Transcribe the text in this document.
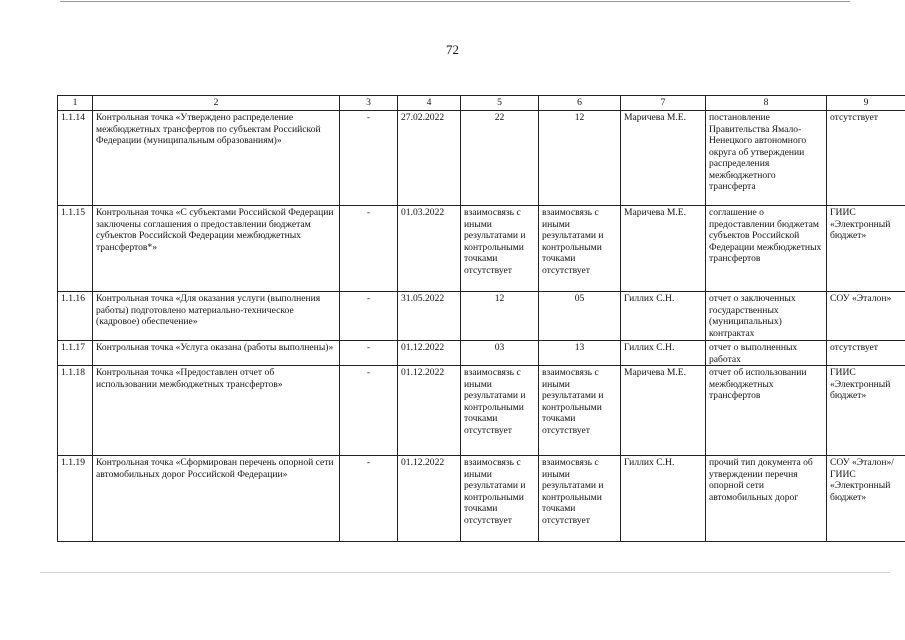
72
1	2	3	4	5	6	7	8	9
1.1.14	Контрольная точка «Утверждено распределение межбюджетных трансфертов по субъектам Российской Федерации (муниципальным образованиям)»	-	27.02.2022	22	12	Маричева М.Е.	постановление Правительства Ямало-Ненецкого автономного округа об утверждении распределения межбюджетного трансферта	отсутствует
1.1.15	Контрольная точка «С субъектами Российской Федерации заключены соглашения о предоставлении бюджетам субъектов Российской Федерации межбюджетных трансфертов*»	-	01.03.2022	взаимосвязь с иными результатами и контрольными точками отсутствует	взаимосвязь с иными результатами и контрольными точками отсутствует	Маричева М.Е.	соглашение о предоставлении бюджетам субъектов Российской Федерации межбюджетных трансфертов	ГИИС «Электронный бюджет»
1.1.16	Контрольная точка «Для оказания услуги (выполнения работы) подготовлено материально-техническое (кадровое) обеспечение»	-	31.05.2022	12	05	Гиллих С.Н.	отчет о заключенных государственных (муниципальных) контрактах	СОУ «Эталон»
1.1.17	Контрольная точка «Услуга оказана (работы выполнены)»	-	01.12.2022	03	13	Гиллих С.Н.	отчет о выполненных работах	отсутствует
1.1.18	Контрольная точка «Предоставлен отчет об использовании межбюджетных трансфертов»	-	01.12.2022	взаимосвязь с иными результатами и контрольными точками отсутствует	взаимосвязь с иными результатами и контрольными точками отсутствует	Маричева М.Е.	отчет об использовании межбюджетных трансфертов	ГИИС «Электронный бюджет»
1.1.19	Контрольная точка «Сформирован перечень опорной сети автомобильных дорог Российской Федерации»	-	01.12.2022	взаимосвязь с иными результатами и контрольными точками отсутствует	взаимосвязь с иными результатами и контрольными точками отсутствует	Гиллих С.Н.	прочий тип документа об утверждении перечня опорной сети автомобильных дорог	СОУ «Эталон»/ ГИИС «Электронный бюджет»
